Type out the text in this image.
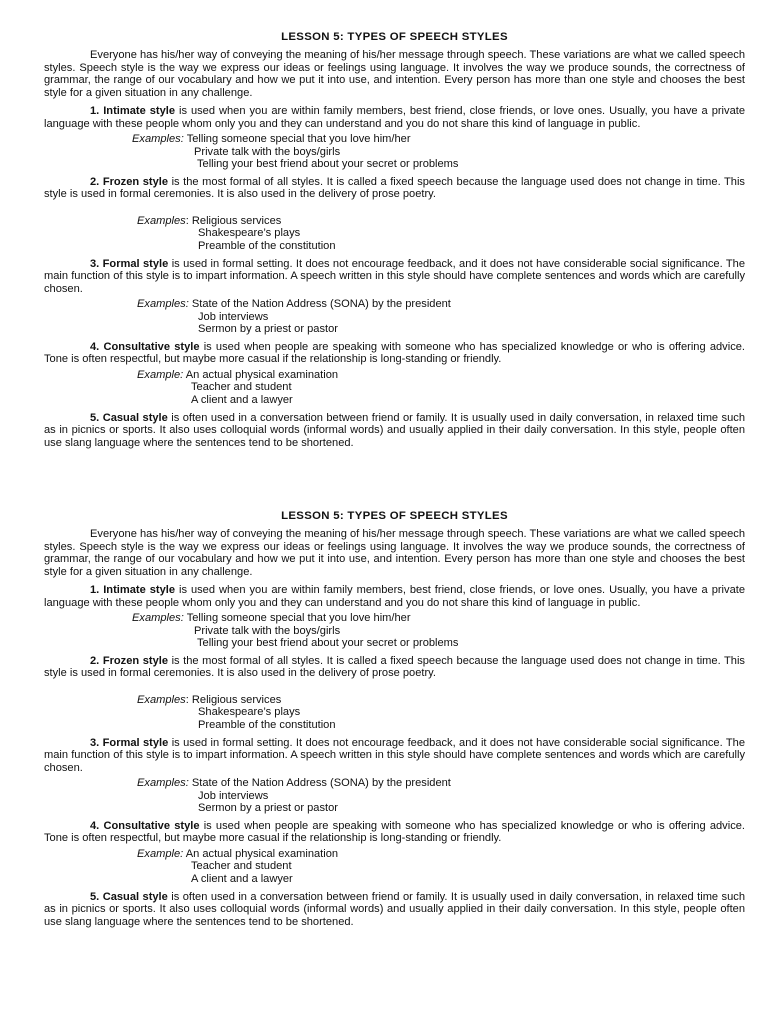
LESSON 5: TYPES OF SPEECH STYLES

Everyone has his/her way of conveying the meaning of his/her message through speech. These variations are what we called speech styles. Speech style is the way we express our ideas or feelings using language. It involves the way we produce sounds, the correctness of grammar, the range of our vocabulary and how we put it into use, and intention. Every person has more than one style and chooses the best style for a given situation in any challenge.

1. Intimate style is used when you are within family members, best friend, close friends, or love ones. Usually, you have a private language with these people whom only you and they can understand and you do not share this kind of language in public.

Examples: Telling someone special that you love him/her
Private talk with the boys/girls
Telling your best friend about your secret or problems

2. Frozen style is the most formal of all styles. It is called a fixed speech because the language used does not change in time. This style is used in formal ceremonies. It is also used in the delivery of prose poetry.

Examples: Religious services
Shakespeare’s plays
Preamble of the constitution

3. Formal style is used in formal setting. It does not encourage feedback, and it does not have considerable social significance. The main function of this style is to impart information. A speech written in this style should have complete sentences and words which are carefully chosen.

Examples: State of the Nation Address (SONA) by the president
Job interviews
Sermon by a priest or pastor

4. Consultative style is used when people are speaking with someone who has specialized knowledge or who is offering advice. Tone is often respectful, but maybe more casual if the relationship is long-standing or friendly.

Example: An actual physical examination
Teacher and student
A client and a lawyer

5. Casual style is often used in a conversation between friend or family. It is usually used in daily conversation, in relaxed time such as in picnics or sports. It also uses colloquial words (informal words) and usually applied in their daily conversation. In this style, people often use slang language where the sentences tend to be shortened.

LESSON 5: TYPES OF SPEECH STYLES

Everyone has his/her way of conveying the meaning of his/her message through speech. These variations are what we called speech styles. Speech style is the way we express our ideas or feelings using language. It involves the way we produce sounds, the correctness of grammar, the range of our vocabulary and how we put it into use, and intention. Every person has more than one style and chooses the best style for a given situation in any challenge.

1. Intimate style is used when you are within family members, best friend, close friends, or love ones. Usually, you have a private language with these people whom only you and they can understand and you do not share this kind of language in public.

Examples: Telling someone special that you love him/her
Private talk with the boys/girls
Telling your best friend about your secret or problems

2. Frozen style is the most formal of all styles. It is called a fixed speech because the language used does not change in time. This style is used in formal ceremonies. It is also used in the delivery of prose poetry.

Examples: Religious services
Shakespeare’s plays
Preamble of the constitution

3. Formal style is used in formal setting. It does not encourage feedback, and it does not have considerable social significance. The main function of this style is to impart information. A speech written in this style should have complete sentences and words which are carefully chosen.

Examples: State of the Nation Address (SONA) by the president
Job interviews
Sermon by a priest or pastor

4. Consultative style is used when people are speaking with someone who has specialized knowledge or who is offering advice. Tone is often respectful, but maybe more casual if the relationship is long-standing or friendly.

Example: An actual physical examination
Teacher and student
A client and a lawyer

5. Casual style is often used in a conversation between friend or family. It is usually used in daily conversation, in relaxed time such as in picnics or sports. It also uses colloquial words (informal words) and usually applied in their daily conversation. In this style, people often use slang language where the sentences tend to be shortened.
